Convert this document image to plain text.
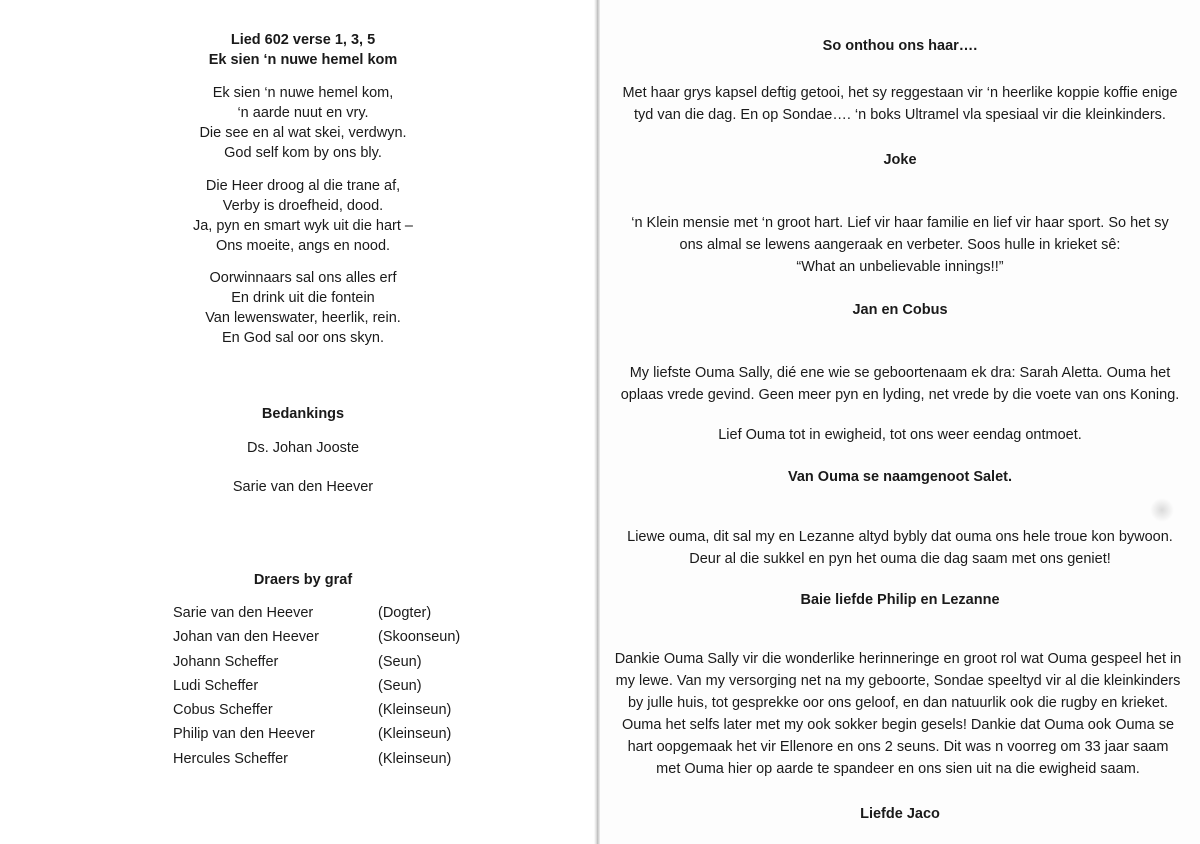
Lied 602 verse 1, 3, 5
Ek sien ‘n nuwe hemel kom
Ek sien ‘n nuwe hemel kom,
‘n aarde nuut en vry.
Die see en al wat skei, verdwyn.
God self kom by ons bly.
Die Heer droog al die trane af,
Verby is droefheid, dood.
Ja, pyn en smart wyk uit die hart –
Ons moeite, angs en nood.
Oorwinnaars sal ons alles erf
En drink uit die fontein
Van lewenswater, heerlik, rein.
En God sal oor ons skyn.
Bedankings
Ds. Johan Jooste
Sarie van den Heever
Draers by graf
Sarie van den Heever	(Dogter)
Johan van den Heever	(Skoonseun)
Johann Scheffer	(Seun)
Ludi Scheffer	(Seun)
Cobus Scheffer	(Kleinseun)
Philip van den Heever	(Kleinseun)
Hercules Scheffer	(Kleinseun)
So onthou ons haar….
Met haar grys kapsel deftig getooi, het sy reggestaan vir ‘n heerlike koppie koffie enige
tyd van die dag. En op Sondae…. ‘n boks Ultramel vla spesiaal vir die kleinkinders.
Joke
‘n Klein mensie met ‘n groot hart. Lief vir haar familie en lief vir haar sport. So het sy
ons almal se lewens aangeraak en verbeter. Soos hulle in krieket sê:
“What an unbelievable innings!!”
Jan en Cobus
My liefste Ouma Sally, dié ene wie se geboortenaam ek dra: Sarah Aletta. Ouma het
oplaas vrede gevind. Geen meer pyn en lyding, net vrede by die voete van ons Koning.
Lief Ouma tot in ewigheid, tot ons weer eendag ontmoet.
Van Ouma se naamgenoot Salet.
Liewe ouma, dit sal my en Lezanne altyd bybly dat ouma ons hele troue kon bywoon.
Deur al die sukkel en pyn het ouma die dag saam met ons geniet!
Baie liefde Philip en Lezanne
Dankie Ouma Sally vir die wonderlike herinneringe en groot rol wat Ouma gespeel het in
my lewe. Van my versorging net na my geboorte, Sondae speeltyd vir al die kleinkinders
by julle huis, tot gesprekke oor ons geloof, en dan natuurlik ook die rugby en krieket.
Ouma het selfs later met my ook sokker begin gesels! Dankie dat Ouma ook Ouma se
hart oopgemaak het vir Ellenore en ons 2 seuns. Dit was n voorreg om 33 jaar saam
met Ouma hier op aarde te spandeer en ons sien uit na die ewigheid saam.
Liefde Jaco
